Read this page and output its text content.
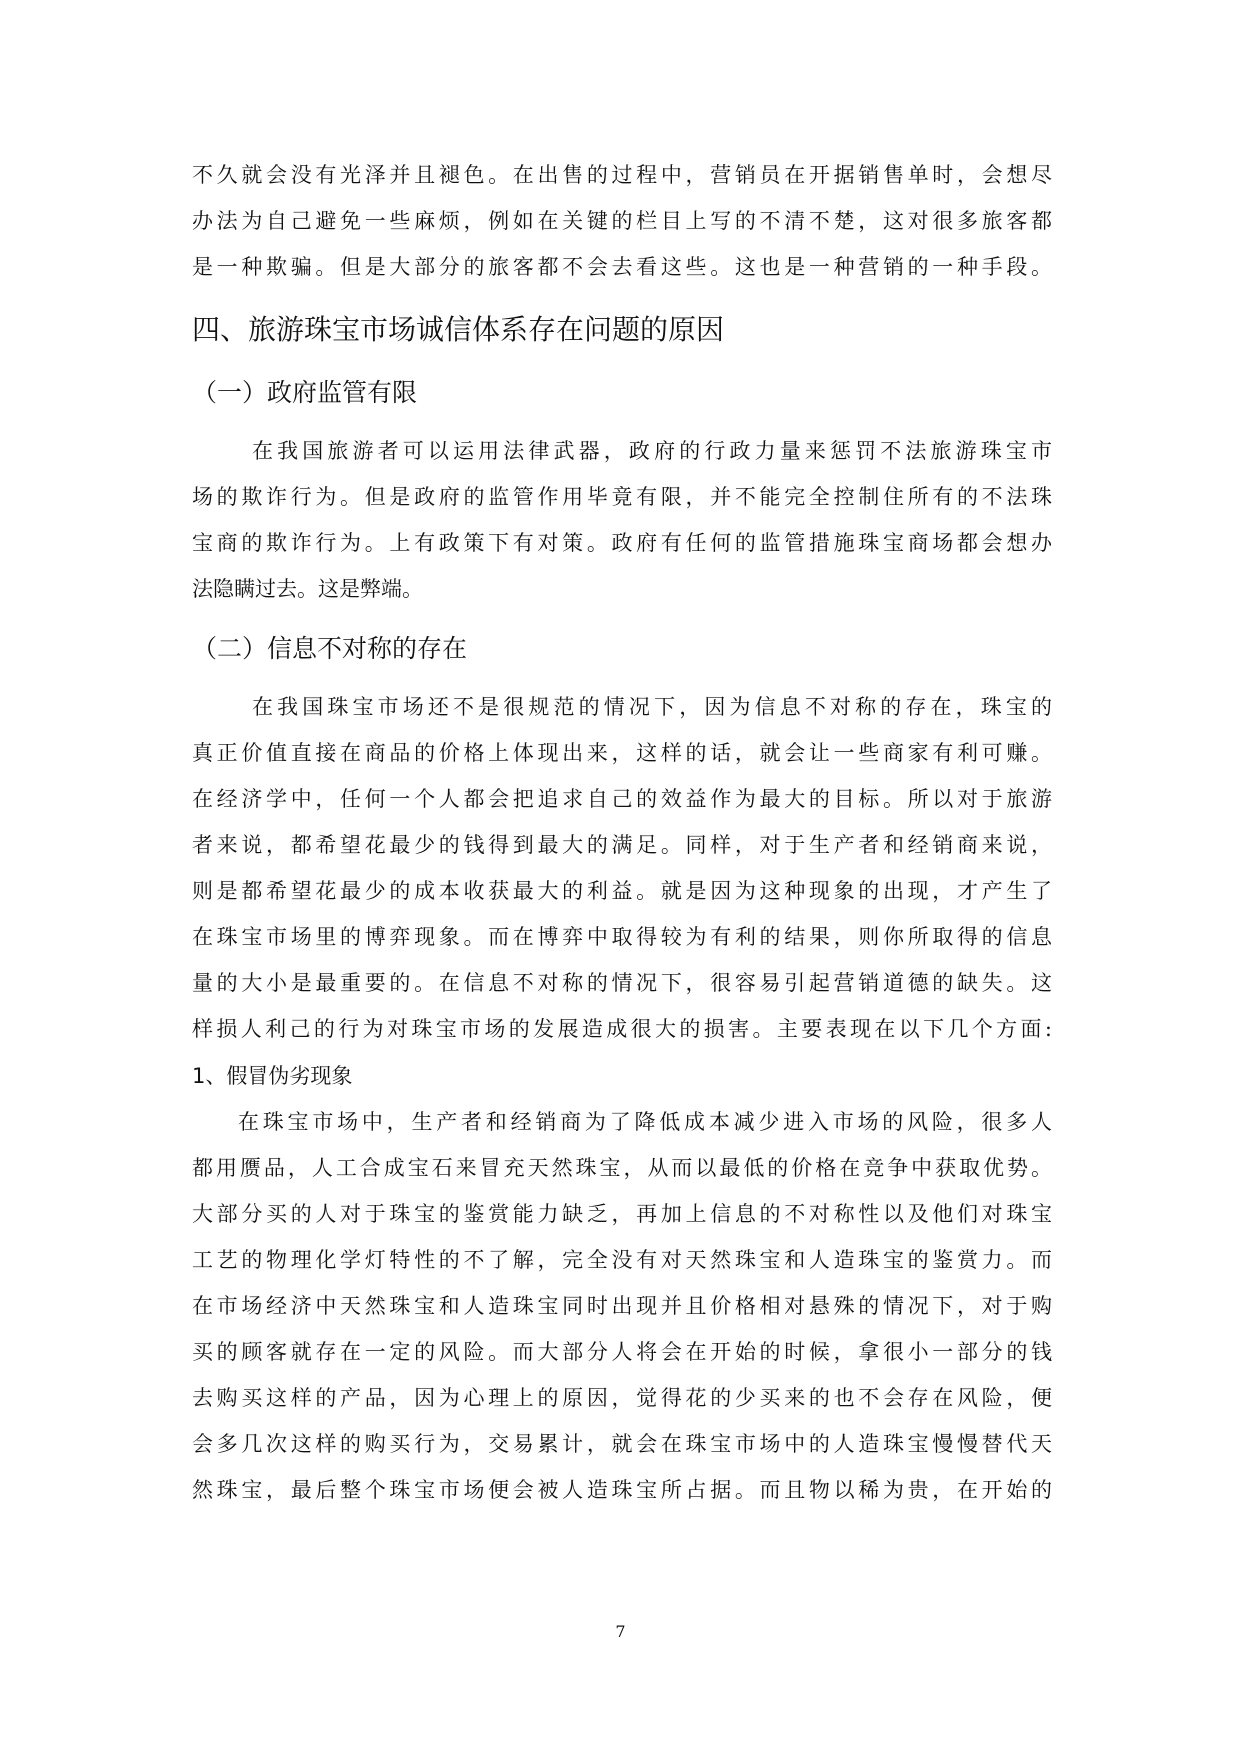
不久就会没有光泽并且褪色。在出售的过程中，营销员在开据销售单时，会想尽
办法为自己避免一些麻烦，例如在关键的栏目上写的不清不楚，这对很多旅客都
是一种欺骗。但是大部分的旅客都不会去看这些。这也是一种营销的一种手段。
四、旅游珠宝市场诚信体系存在问题的原因
（一）政府监管有限
在我国旅游者可以运用法律武器，政府的行政力量来惩罚不法旅游珠宝市
场的欺诈行为。但是政府的监管作用毕竟有限，并不能完全控制住所有的不法珠
宝商的欺诈行为。上有政策下有对策。政府有任何的监管措施珠宝商场都会想办
法隐瞒过去。这是弊端。
（二）信息不对称的存在
在我国珠宝市场还不是很规范的情况下，因为信息不对称的存在，珠宝的
真正价值直接在商品的价格上体现出来，这样的话，就会让一些商家有利可赚。
在经济学中，任何一个人都会把追求自己的效益作为最大的目标。所以对于旅游
者来说，都希望花最少的钱得到最大的满足。同样，对于生产者和经销商来说，
则是都希望花最少的成本收获最大的利益。就是因为这种现象的出现，才产生了
在珠宝市场里的博弈现象。而在博弈中取得较为有利的结果，则你所取得的信息
量的大小是最重要的。在信息不对称的情况下，很容易引起营销道德的缺失。这
样损人利己的行为对珠宝市场的发展造成很大的损害。主要表现在以下几个方面:
1、假冒伪劣现象
在珠宝市场中，生产者和经销商为了降低成本减少进入市场的风险，很多人
都用赝品，人工合成宝石来冒充天然珠宝，从而以最低的价格在竞争中获取优势。
大部分买的人对于珠宝的鉴赏能力缺乏，再加上信息的不对称性以及他们对珠宝
工艺的物理化学灯特性的不了解，完全没有对天然珠宝和人造珠宝的鉴赏力。而
在市场经济中天然珠宝和人造珠宝同时出现并且价格相对悬殊的情况下，对于购
买的顾客就存在一定的风险。而大部分人将会在开始的时候，拿很小一部分的钱
去购买这样的产品，因为心理上的原因，觉得花的少买来的也不会存在风险，便
会多几次这样的购买行为，交易累计，就会在珠宝市场中的人造珠宝慢慢替代天
然珠宝，最后整个珠宝市场便会被人造珠宝所占据。而且物以稀为贵，在开始的
7
